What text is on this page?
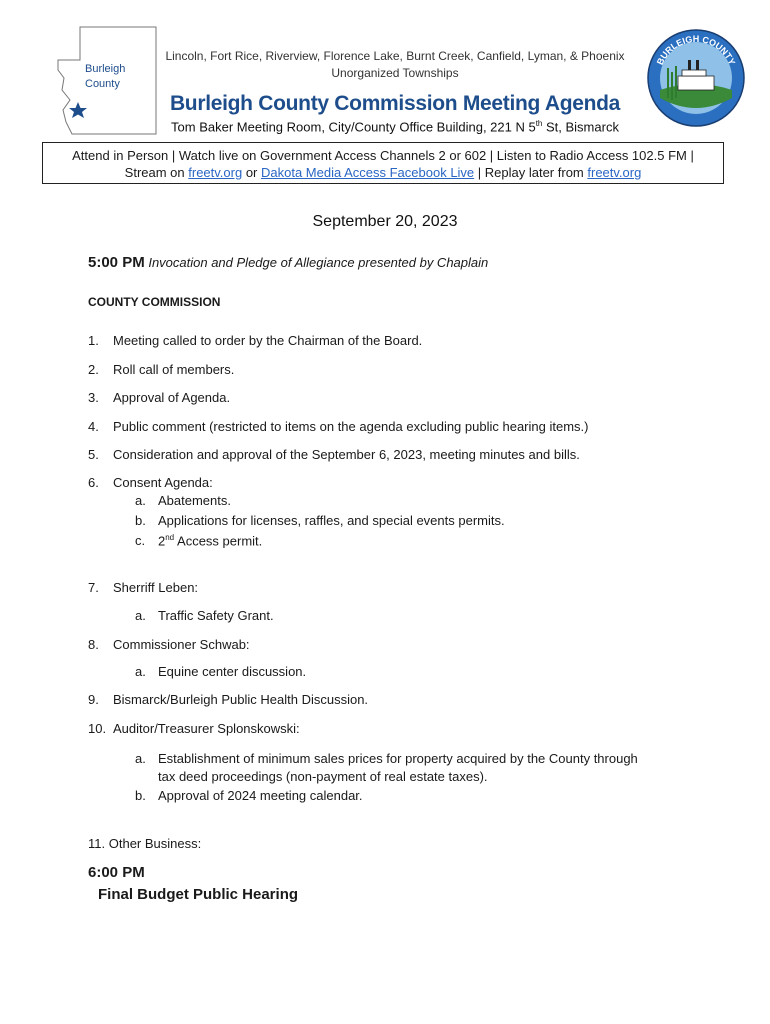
Burleigh
County
Lincoln, Fort Rice, Riverview, Florence Lake, Burnt Creek, Canfield, Lyman, & Phoenix
Unorganized Townships
Burleigh County Commission Meeting Agenda
Tom Baker Meeting Room, City/County Office Building, 221 N 5th St, Bismarck
BURLEIGH COUNTY
Attend in Person | Watch live on Government Access Channels 2 or 602 | Listen to Radio Access 102.5 FM |
Stream on freetv.org or Dakota Media Access Facebook Live | Replay later from freetv.org
September 20, 2023
5:00 PM Invocation and Pledge of Allegiance presented by Chaplain
COUNTY COMMISSION
1. Meeting called to order by the Chairman of the Board.
2. Roll call of members.
3. Approval of Agenda.
4. Public comment (restricted to items on the agenda excluding public hearing items.)
5. Consideration and approval of the September 6, 2023, meeting minutes and bills.
6. Consent Agenda:
a. Abatements.
b. Applications for licenses, raffles, and special events permits.
c. 2nd Access permit.
7. Sherriff Leben:
a. Traffic Safety Grant.
8. Commissioner Schwab:
a. Equine center discussion.
9. Bismarck/Burleigh Public Health Discussion.
10. Auditor/Treasurer Splonskowski:
a. Establishment of minimum sales prices for property acquired by the County through
tax deed proceedings (non-payment of real estate taxes).
b. Approval of 2024 meeting calendar.
11. Other Business:
6:00 PM
Final Budget Public Hearing
